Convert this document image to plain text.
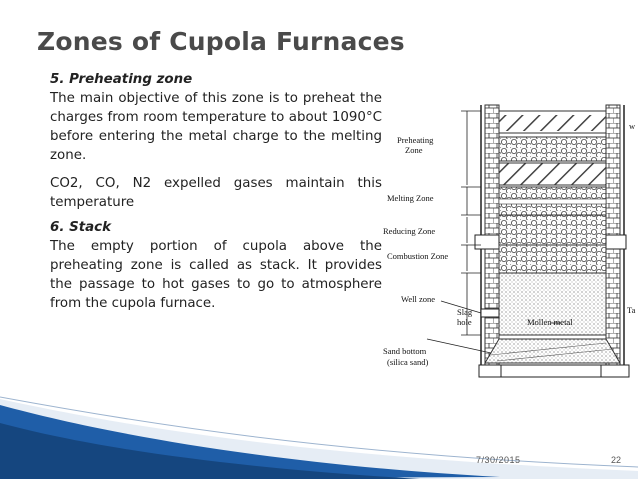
Zones of Cupola Furnaces

5. Preheating zone

The main objective of this zone is to preheat the charges from room temperature to about 1090°C before entering the metal charge to the melting zone.

CO2, CO, N2 expelled gases maintain this temperature

6. Stack

The empty portion of cupola above the preheating zone is called as stack. It provides the passage to hot gases to go to atmosphere from the cupola furnace.

Preheating
Zone
Melting Zone
Reducing Zone
Combustion Zone
Well zone
Slag
hole	Mollen metal
Sand bottom
(silica sand)
w
Ta
7/30/2015	22
